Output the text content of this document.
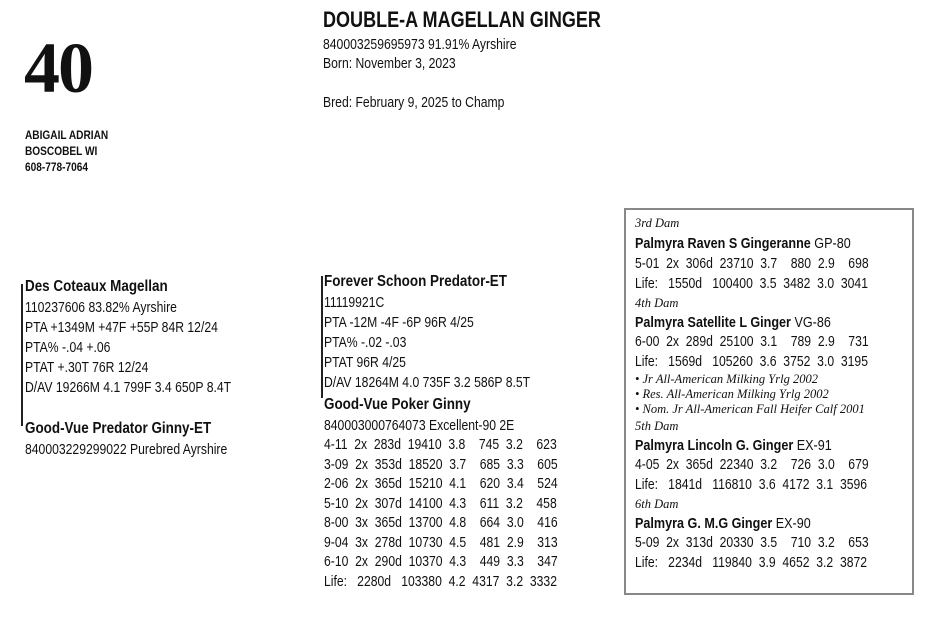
40
ABIGAIL ADRIAN
BOSCOBEL WI
608-778-7064
DOUBLE-A MAGELLAN GINGER
840003259695973 91.91% Ayrshire
Born: November 3, 2023
Bred: February 9, 2025 to Champ
Des Coteaux Magellan
110237606 83.82% Ayrshire
PTA +1349M +47F +55P 84R 12/24
PTA% -.04 +.06
PTAT +.30T 76R 12/24
D/AV 19266M 4.1 799F 3.4 650P 8.4T
Good-Vue Predator Ginny-ET
840003229299022 Purebred Ayrshire
Forever Schoon Predator-ET
11119921C
PTA -12M -4F -6P 96R 4/25
PTA% -.02 -.03
PTAT 96R 4/25
D/AV 18264M 4.0 735F 3.2 586P 8.5T
Good-Vue Poker Ginny
840003000764073 Excellent-90 2E
4-11  2x  283d  19410  3.8    745  3.2    623
3-09  2x  353d  18520  3.7    685  3.3    605
2-06  2x  365d  15210  4.1    620  3.4    524
5-10  2x  307d  14100  4.3    611  3.2    458
8-00  3x  365d  13700  4.8    664  3.0    416
9-04  3x  278d  10730  4.5    481  2.9    313
6-10  2x  290d  10370  4.3    449  3.3    347
Life:   2280d   103380  4.2  4317  3.2  3332
3rd Dam
Palmyra Raven S Gingeranne GP-80
5-01  2x  306d  23710  3.7    880  2.9    698
Life:   1550d   100400  3.5  3482  3.0  3041
4th Dam
Palmyra Satellite L Ginger VG-86
6-00  2x  289d  25100  3.1    789  2.9    731
Life:   1569d   105260  3.6  3752  3.0  3195
• Jr All-American Milking Yrlg 2002
• Res. All-American Milking Yrlg 2002
• Nom. Jr All-American Fall Heifer Calf 2001
5th Dam
Palmyra Lincoln G. Ginger EX-91
4-05  2x  365d  22340  3.2    726  3.0    679
Life:   1841d   116810  3.6  4172  3.1  3596
6th Dam
Palmyra G. M.G Ginger EX-90
5-09  2x  313d  20330  3.5    710  3.2    653
Life:   2234d   119840  3.9  4652  3.2  3872
